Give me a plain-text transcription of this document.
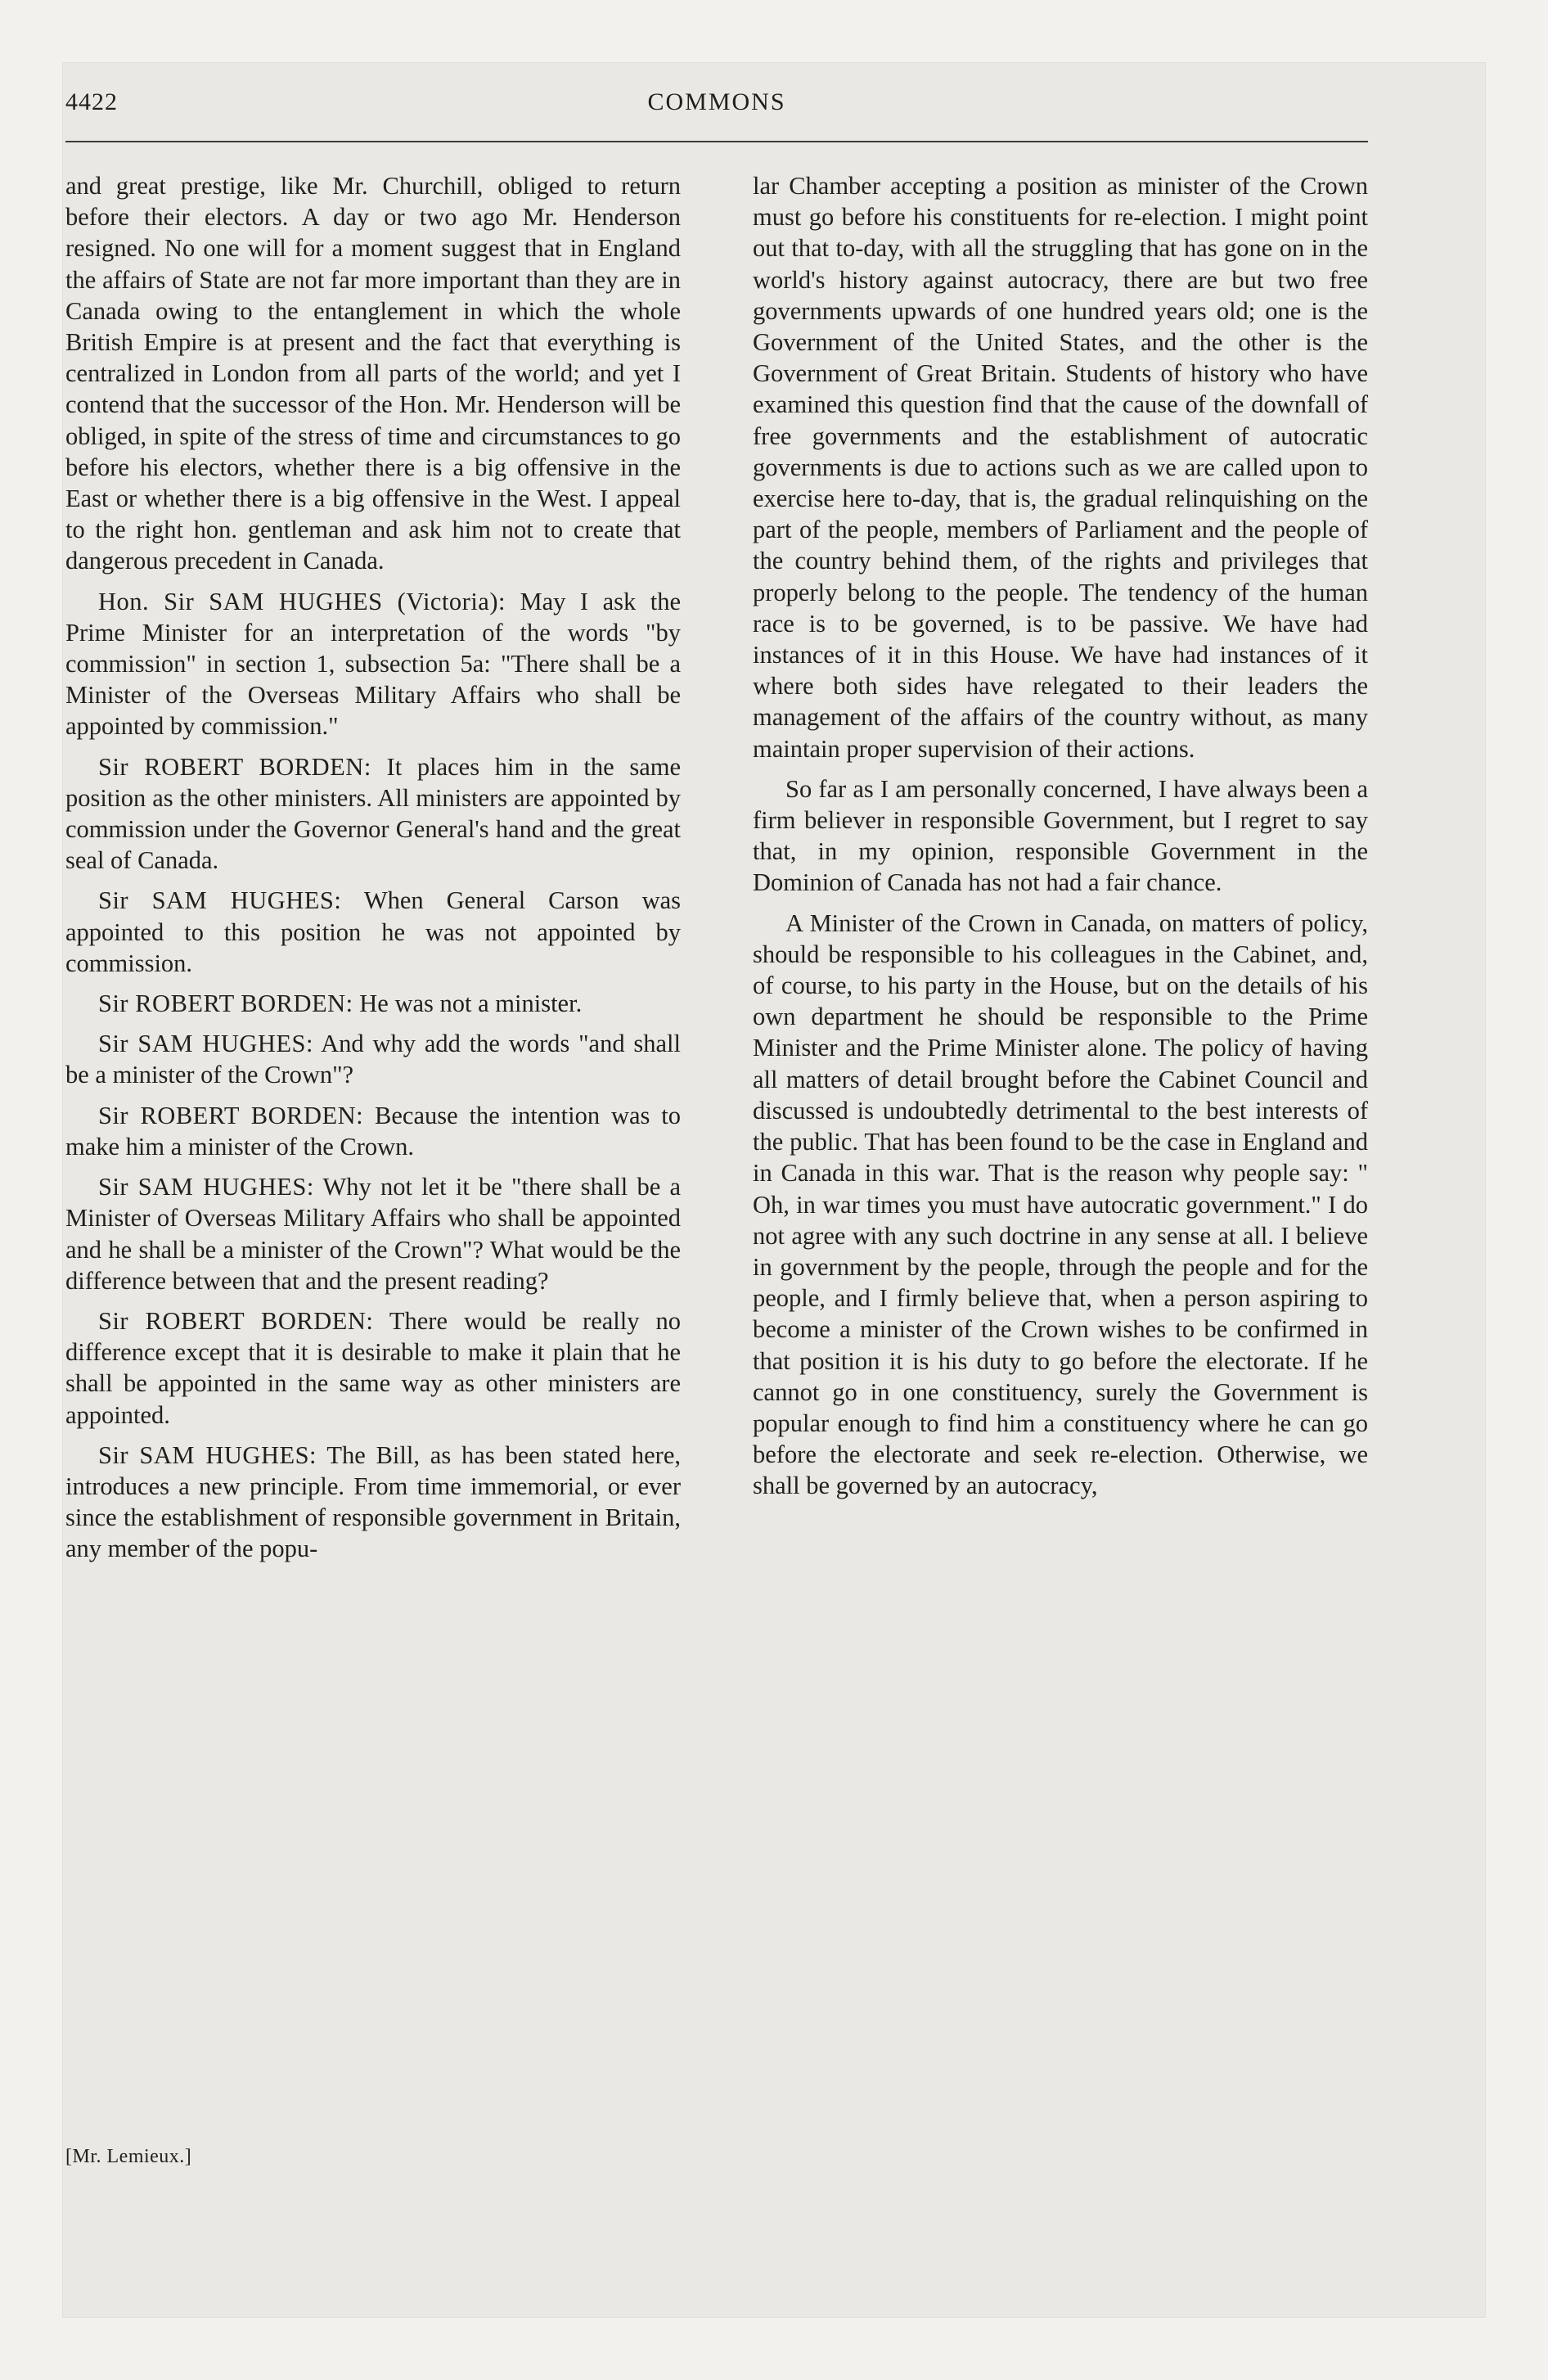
4422	COMMONS

and great prestige, like Mr. Churchill, obliged to return before their electors. A day or two ago Mr. Henderson resigned. No one will for a moment suggest that in England the affairs of State are not far more important than they are in Canada owing to the entanglement in which the whole British Empire is at present and the fact that everything is centralized in London from all parts of the world; and yet I contend that the successor of the Hon. Mr. Henderson will be obliged, in spite of the stress of time and circumstances to go before his electors, whether there is a big offensive in the East or whether there is a big offensive in the West. I appeal to the right hon. gentleman and ask him not to create that dangerous precedent in Canada.

Hon. Sir SAM HUGHES (Victoria): May I ask the Prime Minister for an interpretation of the words "by commission" in section 1, subsection 5a: "There shall be a Minister of the Overseas Military Affairs who shall be appointed by commission."

Sir ROBERT BORDEN: It places him in the same position as the other ministers. All ministers are appointed by commission under the Governor General's hand and the great seal of Canada.

Sir SAM HUGHES: When General Carson was appointed to this position he was not appointed by commission.

Sir ROBERT BORDEN: He was not a minister.

Sir SAM HUGHES: And why add the words "and shall be a minister of the Crown"?

Sir ROBERT BORDEN: Because the intention was to make him a minister of the Crown.

Sir SAM HUGHES: Why not let it be "there shall be a Minister of Overseas Military Affairs who shall be appointed and he shall be a minister of the Crown"? What would be the difference between that and the present reading?

Sir ROBERT BORDEN: There would be really no difference except that it is desirable to make it plain that he shall be appointed in the same way as other ministers are appointed.

Sir SAM HUGHES: The Bill, as has been stated here, introduces a new principle. From time immemorial, or ever since the establishment of responsible government in Britain, any member of the popu-

lar Chamber accepting a position as minister of the Crown must go before his constituents for re-election. I might point out that to-day, with all the struggling that has gone on in the world's history against autocracy, there are but two free governments upwards of one hundred years old; one is the Government of the United States, and the other is the Government of Great Britain. Students of history who have examined this question find that the cause of the downfall of free governments and the establishment of autocratic governments is due to actions such as we are called upon to exercise here to-day, that is, the gradual relinquishing on the part of the people, members of Parliament and the people of the country behind them, of the rights and privileges that properly belong to the people. The tendency of the human race is to be governed, is to be passive. We have had instances of it in this House. We have had instances of it where both sides have relegated to their leaders the management of the affairs of the country without, as many maintain proper supervision of their actions.

So far as I am personally concerned, I have always been a firm believer in responsible Government, but I regret to say that, in my opinion, responsible Government in the Dominion of Canada has not had a fair chance.

A Minister of the Crown in Canada, on matters of policy, should be responsible to his colleagues in the Cabinet, and, of course, to his party in the House, but on the details of his own department he should be responsible to the Prime Minister and the Prime Minister alone. The policy of having all matters of detail brought before the Cabinet Council and discussed is undoubtedly detrimental to the best interests of the public. That has been found to be the case in England and in Canada in this war. That is the reason why people say: " Oh, in war times you must have autocratic government." I do not agree with any such doctrine in any sense at all. I believe in government by the people, through the people and for the people, and I firmly believe that, when a person aspiring to become a minister of the Crown wishes to be confirmed in that position it is his duty to go before the electorate. If he cannot go in one constituency, surely the Government is popular enough to find him a constituency where he can go before the electorate and seek re-election. Otherwise, we shall be governed by an autocracy,

[Mr. Lemieux.]
